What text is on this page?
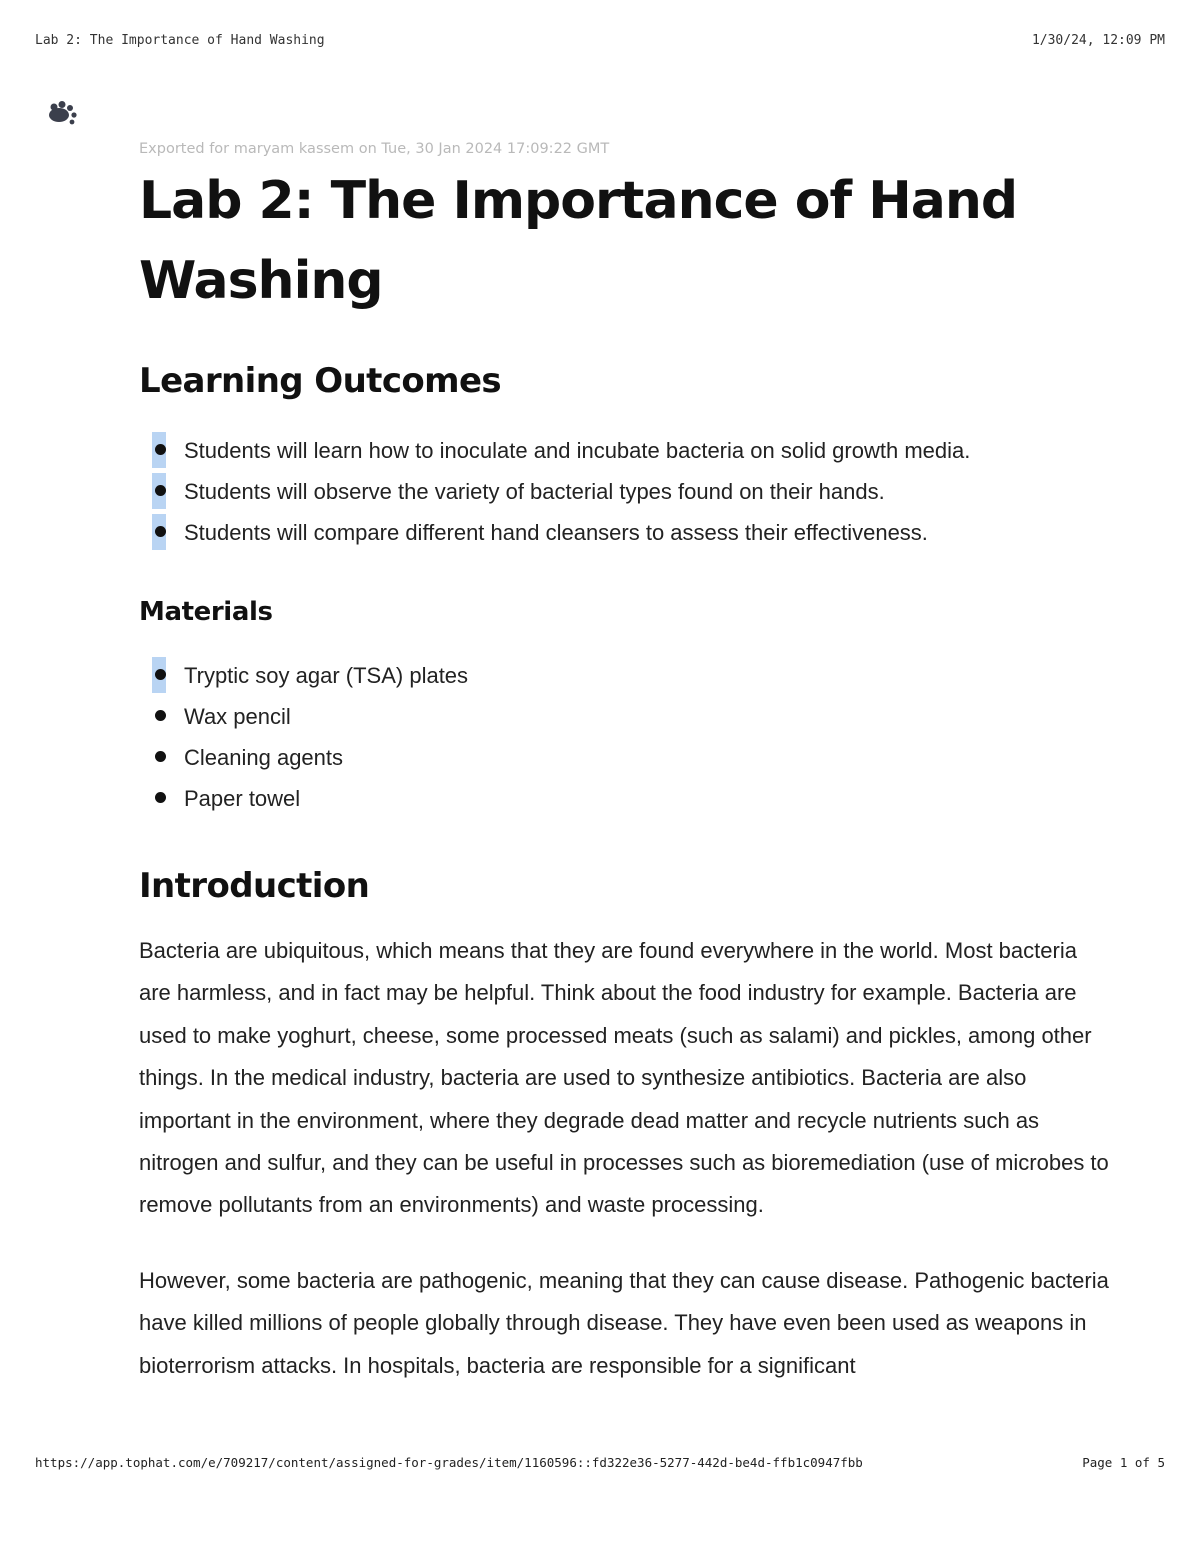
Lab 2: The Importance of Hand Washing	1/30/24, 12:09 PM

Exported for maryam kassem on Tue, 30 Jan 2024 17:09:22 GMT

Lab 2: The Importance of Hand Washing
Learning Outcomes
Students will learn how to inoculate and incubate bacteria on solid growth media.
Students will observe the variety of bacterial types found on their hands.
Students will compare different hand cleansers to assess their effectiveness.
Materials
Tryptic soy agar (TSA) plates
Wax pencil
Cleaning agents
Paper towel
Introduction

Bacteria are ubiquitous, which means that they are found everywhere in the world. Most bacteria are harmless, and in fact may be helpful. Think about the food industry for example. Bacteria are used to make yoghurt, cheese, some processed meats (such as salami) and pickles, among other things. In the medical industry, bacteria are used to synthesize antibiotics. Bacteria are also important in the environment, where they degrade dead matter and recycle nutrients such as nitrogen and sulfur, and they can be useful in processes such as bioremediation (use of microbes to remove pollutants from an environments) and waste processing.

However, some bacteria are pathogenic, meaning that they can cause disease. Pathogenic bacteria have killed millions of people globally through disease. They have even been used as weapons in bioterrorism attacks. In hospitals, bacteria are responsible for a significant

https://app.tophat.com/e/709217/content/assigned-for-grades/item/1160596::fd322e36-5277-442d-be4d-ffb1c0947fbb	Page 1 of 5
